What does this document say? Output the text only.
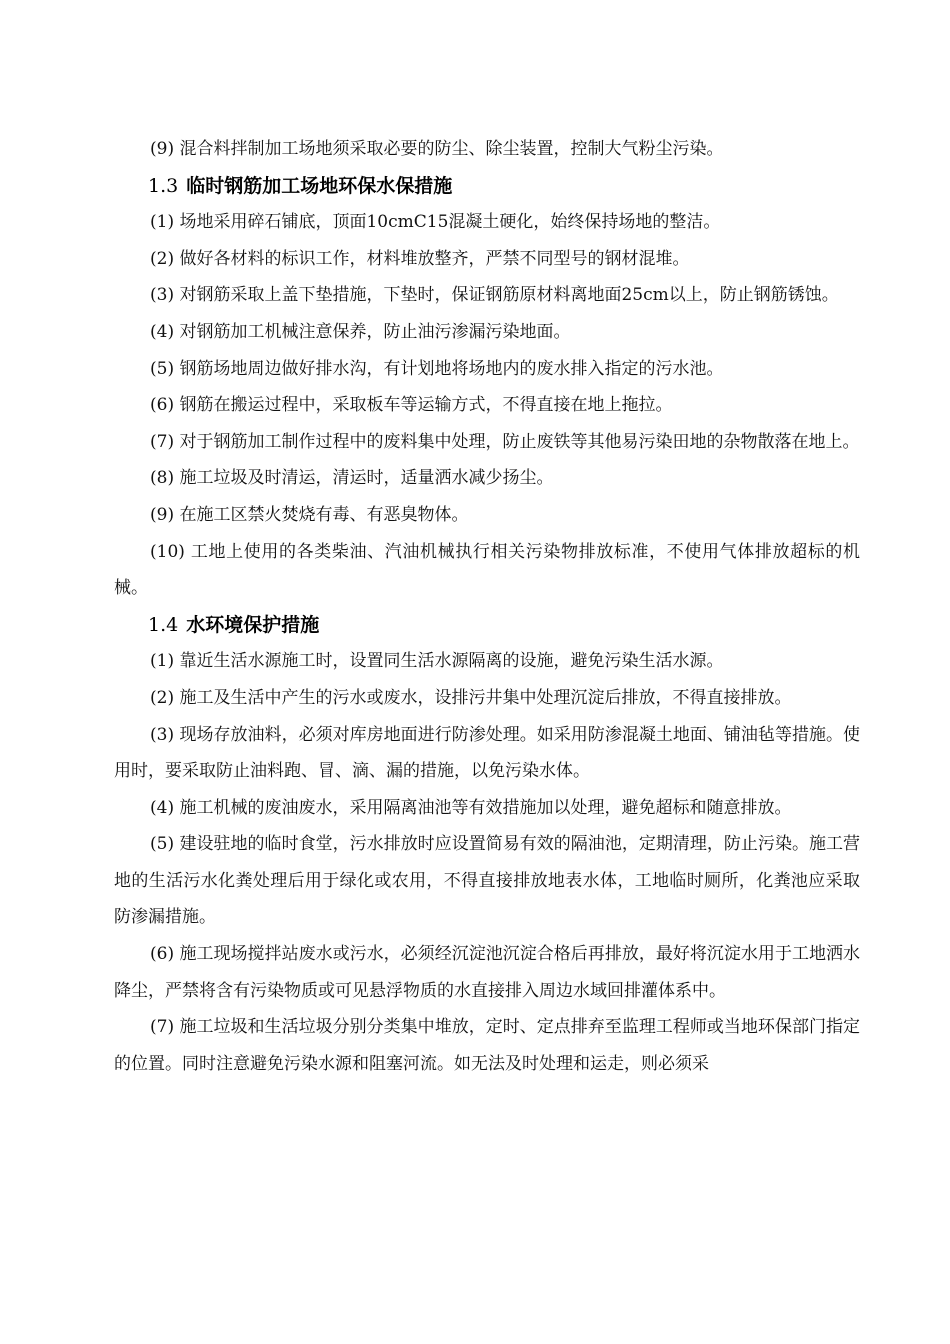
(9) 混合料拌制加工场地须采取必要的防尘、除尘装置，控制大气粉尘污染。

1.3 临时钢筋加工场地环保水保措施

(1) 场地采用碎石铺底，顶面10cmC15混凝土硬化，始终保持场地的整洁。

(2) 做好各材料的标识工作，材料堆放整齐，严禁不同型号的钢材混堆。

(3) 对钢筋采取上盖下垫措施，下垫时，保证钢筋原材料离地面25cm以上，防止钢筋锈蚀。

(4) 对钢筋加工机械注意保养，防止油污渗漏污染地面。

(5) 钢筋场地周边做好排水沟，有计划地将场地内的废水排入指定的污水池。

(6) 钢筋在搬运过程中，采取板车等运输方式，不得直接在地上拖拉。

(7) 对于钢筋加工制作过程中的废料集中处理，防止废铁等其他易污染田地的杂物散落在地上。

(8) 施工垃圾及时清运，清运时，适量洒水减少扬尘。

(9) 在施工区禁火焚烧有毒、有恶臭物体。

(10) 工地上使用的各类柴油、汽油机械执行相关污染物排放标准，不使用气体排放超标的机械。

1.4 水环境保护措施

(1) 靠近生活水源施工时，设置同生活水源隔离的设施，避免污染生活水源。

(2) 施工及生活中产生的污水或废水，设排污井集中处理沉淀后排放，不得直接排放。

(3) 现场存放油料，必须对库房地面进行防渗处理。如采用防渗混凝土地面、铺油毡等措施。使用时，要采取防止油料跑、冒、滴、漏的措施，以免污染水体。

(4) 施工机械的废油废水，采用隔离油池等有效措施加以处理，避免超标和随意排放。

(5) 建设驻地的临时食堂，污水排放时应设置简易有效的隔油池，定期清理，防止污染。施工营地的生活污水化粪处理后用于绿化或农用，不得直接排放地表水体，工地临时厕所，化粪池应采取防渗漏措施。

(6) 施工现场搅拌站废水或污水，必须经沉淀池沉淀合格后再排放，最好将沉淀水用于工地洒水降尘，严禁将含有污染物质或可见悬浮物质的水直接排入周边水域回排灌体系中。

(7) 施工垃圾和生活垃圾分别分类集中堆放，定时、定点排弃至监理工程师或当地环保部门指定的位置。同时注意避免污染水源和阻塞河流。如无法及时处理和运走，则必须采
